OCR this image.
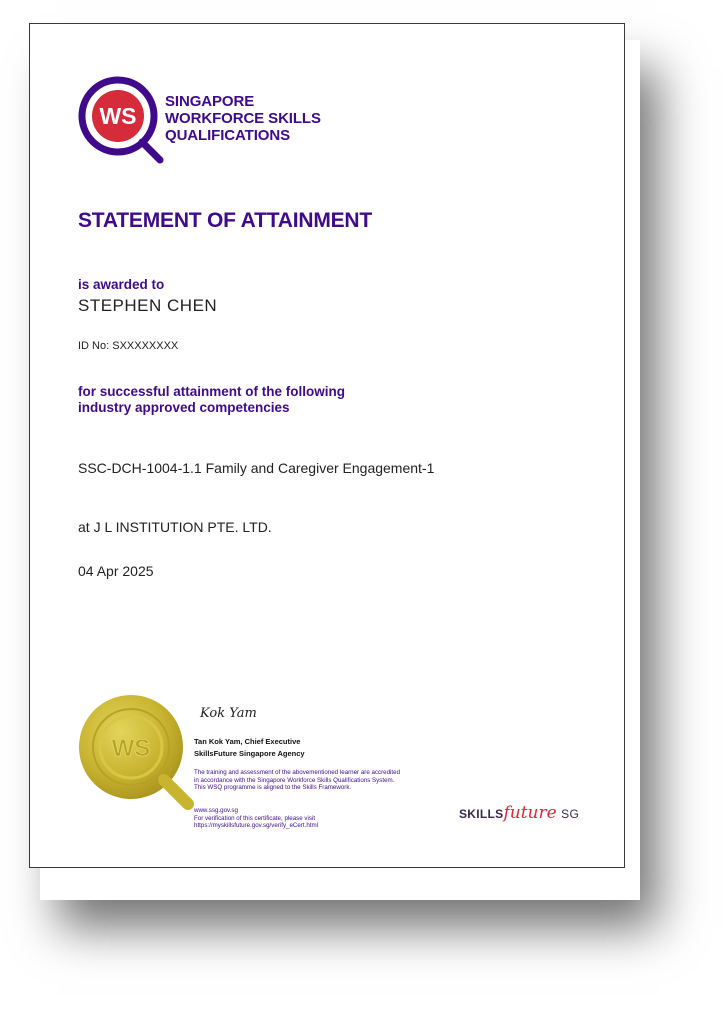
WS
SINGAPORE
WORKFORCE SKILLS
QUALIFICATIONS
STATEMENT OF ATTAINMENT
is awarded to
STEPHEN CHEN
ID No: SXXXXXXXX
for successful attainment of the following
industry approved competencies
SSC-DCH-1004-1.1 Family and Caregiver Engagement-1
at J L INSTITUTION PTE. LTD.
04 Apr 2025
WS
Kok Yam
Tan Kok Yam, Chief Executive
SkillsFuture Singapore Agency
The training and assessment of the abovementioned learner are accredited
in accordance with the Singapore Workforce Skills Qualifications System.
This WSQ programme is aligned to the Skills Framework.
www.ssg.gov.sg
For verification of this certificate, please visit
https://myskillsfuture.gov.sg/verify_eCert.html
SKILLSfuture SG
